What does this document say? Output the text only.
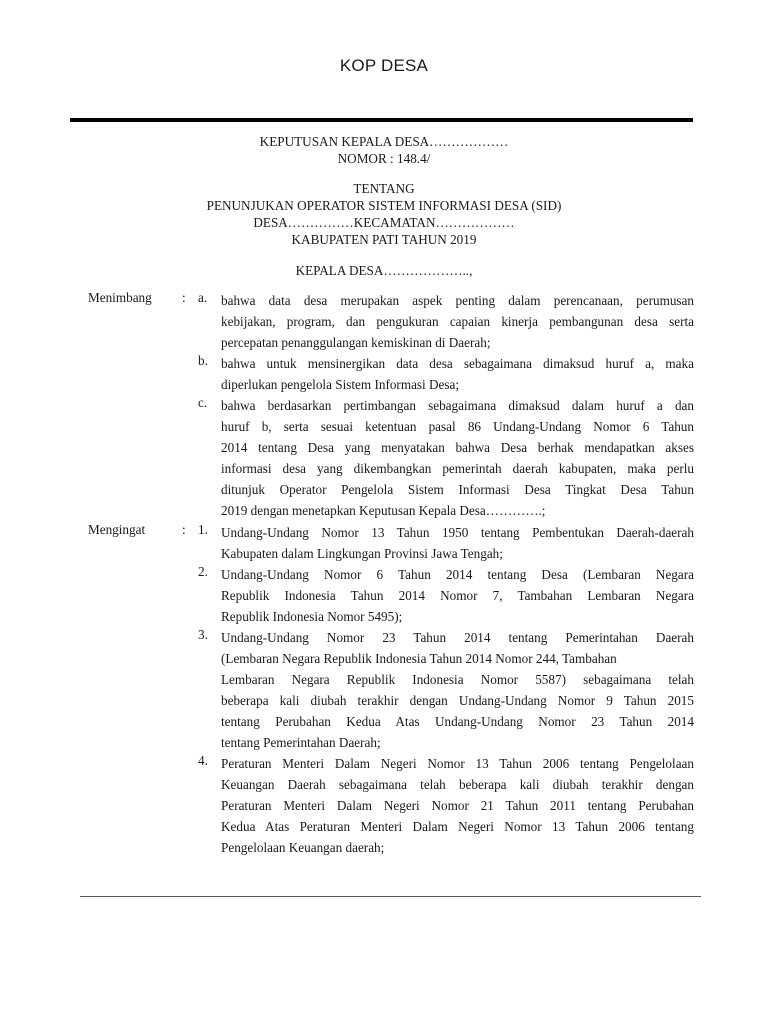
KOP DESA
KEPUTUSAN KEPALA DESA………………
NOMOR : 148.4/
TENTANG
PENUNJUKAN OPERATOR SISTEM INFORMASI DESA (SID)
DESA……………KECAMATAN………………
KABUPATEN PATI TAHUN 2019
KEPALA DESA………………..,
Menimbang : a. bahwa data desa merupakan aspek penting dalam perencanaan, perumusan
kebijakan, program, dan pengukuran capaian kinerja pembangunan desa serta
percepatan penanggulangan kemiskinan di Daerah;
b. bahwa untuk mensinergikan data desa sebagaimana dimaksud huruf a, maka
diperlukan pengelola Sistem Informasi Desa;
c. bahwa berdasarkan pertimbangan sebagaimana dimaksud dalam huruf a dan
huruf b, serta sesuai ketentuan pasal 86 Undang-Undang Nomor 6 Tahun
2014 tentang Desa yang menyatakan bahwa Desa berhak mendapatkan akses
informasi desa yang dikembangkan pemerintah daerah kabupaten, maka perlu
ditunjuk Operator Pengelola Sistem Informasi Desa Tingkat Desa Tahun
2019 dengan menetapkan Keputusan Kepala Desa………….;
Mengingat	: 1. Undang-Undang Nomor 13 Tahun 1950 tentang Pembentukan Daerah-daerah
Kabupaten dalam Lingkungan Provinsi Jawa Tengah;
2. Undang-Undang Nomor 6 Tahun 2014 tentang Desa (Lembaran Negara
Republik Indonesia Tahun 2014 Nomor 7, Tambahan Lembaran Negara
Republik Indonesia Nomor 5495);
3. Undang-Undang Nomor 23 Tahun 2014 tentang Pemerintahan Daerah
(Lembaran Negara Republik Indonesia Tahun 2014 Nomor 244, Tambahan
Lembaran Negara Republik Indonesia Nomor 5587) sebagaimana telah
beberapa kali diubah terakhir dengan Undang-Undang Nomor 9 Tahun 2015
tentang Perubahan Kedua Atas Undang-Undang Nomor 23 Tahun 2014
tentang Pemerintahan Daerah;
4. Peraturan Menteri Dalam Negeri Nomor 13 Tahun 2006 tentang Pengelolaan
Keuangan Daerah sebagaimana telah beberapa kali diubah terakhir dengan
Peraturan Menteri Dalam Negeri Nomor 21 Tahun 2011 tentang Perubahan
Kedua Atas Peraturan Menteri Dalam Negeri Nomor 13 Tahun 2006 tentang
Pengelolaan Keuangan daerah;
